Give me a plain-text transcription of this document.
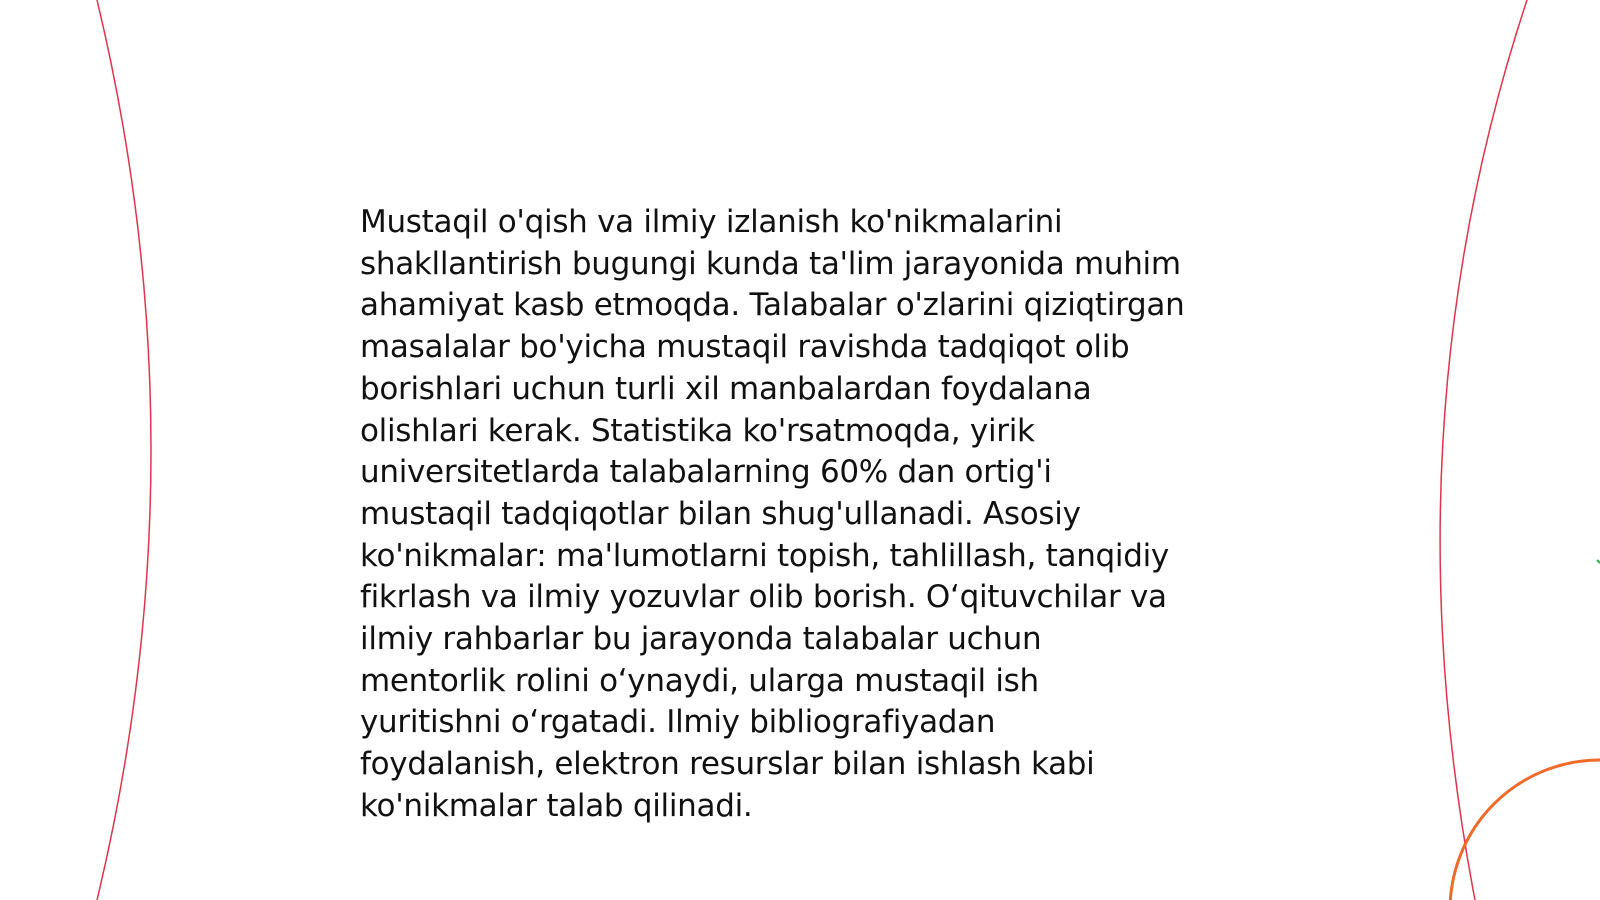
Mustaqil o'qish va ilmiy izlanish ko'nikmalarini
shakllantirish bugungi kunda ta'lim jarayonida muhim
ahamiyat kasb etmoqda. Talabalar o'zlarini qiziqtirgan
masalalar bo'yicha mustaqil ravishda tadqiqot olib
borishlari uchun turli xil manbalardan foydalana
olishlari kerak. Statistika ko'rsatmoqda, yirik
universitetlarda talabalarning 60% dan ortig'i
mustaqil tadqiqotlar bilan shug'ullanadi. Asosiy
ko'nikmalar: ma'lumotlarni topish, tahlillash, tanqidiy
fikrlash va ilmiy yozuvlar olib borish. O‘qituvchilar va
ilmiy rahbarlar bu jarayonda talabalar uchun
mentorlik rolini o‘ynaydi, ularga mustaqil ish
yuritishni o‘rgatadi. Ilmiy bibliografiyadan
foydalanish, elektron resurslar bilan ishlash kabi
ko'nikmalar talab qilinadi.
